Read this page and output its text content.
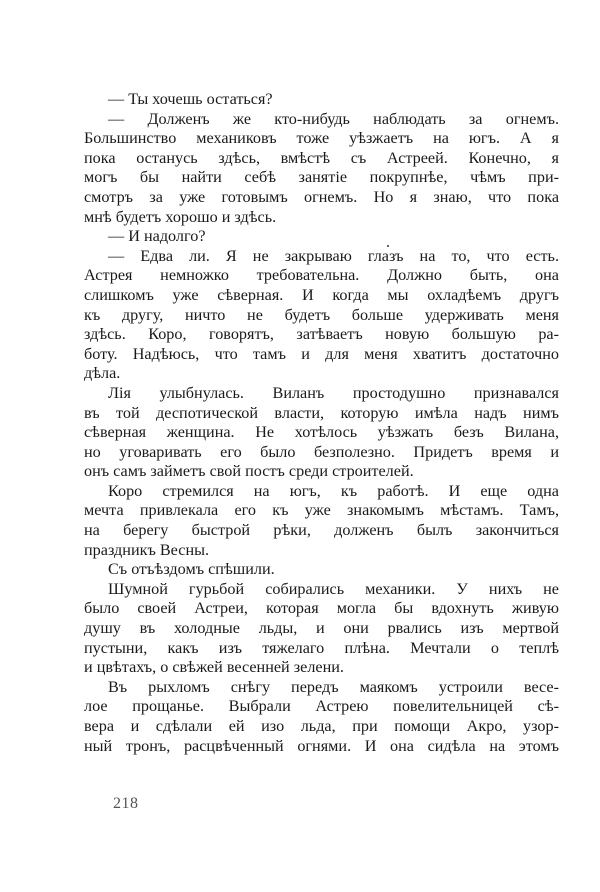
— Ты хочешь остаться?
— Долженъ же кто-нибудь наблюдать за огнемъ.
Большинство механиковъ тоже уѣзжаетъ на югъ. А я
пока останусь здѣсь, вмѣстѣ съ Астреей. Конечно, я
могъ бы найти себѣ занятіе покрупнѣе, чѣмъ при-
смотръ за уже готовымъ огнемъ. Но я знаю, что пока
мнѣ будетъ хорошо и здѣсь.
— И надолго?
— Едва ли. Я не закрываю глазъ на то, что есть.
Астрея немножко требовательна. Должно быть, она
слишкомъ уже сѣверная. И когда мы охладѣемъ другъ
къ другу, ничто не будетъ больше удерживать меня
здѣсь. Коро, говорятъ, затѣваетъ новую большую ра-
боту. Надѣюсь, что тамъ и для меня хватитъ достаточно
дѣла.
Лія улыбнулась. Виланъ простодушно признавался
въ той деспотической власти, которую имѣла надъ нимъ
сѣверная женщина. Не хотѣлось уѣзжать безъ Вилана,
но уговаривать его было безполезно. Придетъ время и
онъ самъ займетъ свой постъ среди строителей.
Коро стремился на югъ, къ работѣ. И еще одна
мечта привлекала его къ уже знакомымъ мѣстамъ. Тамъ,
на берегу быстрой рѣки, долженъ былъ закончиться
праздникъ Весны.
Съ отъѣздомъ спѣшили.
Шумной гурьбой собирались механики. У нихъ не
было своей Астреи, которая могла бы вдохнуть живую
душу въ холодные льды, и они рвались изъ мертвой
пустыни, какъ изъ тяжелаго плѣна. Мечтали о теплѣ
и цвѣтахъ, о свѣжей весенней зелени.
Въ рыхломъ снѣгу передъ маякомъ устроили весе-
лое прощанье. Выбрали Астрею повелительницей сѣ-
вера и сдѣлали ей изо льда, при помощи Акро, узор-
ный тронъ, расцвѣченный огнями. И она сидѣла на этомъ
218
